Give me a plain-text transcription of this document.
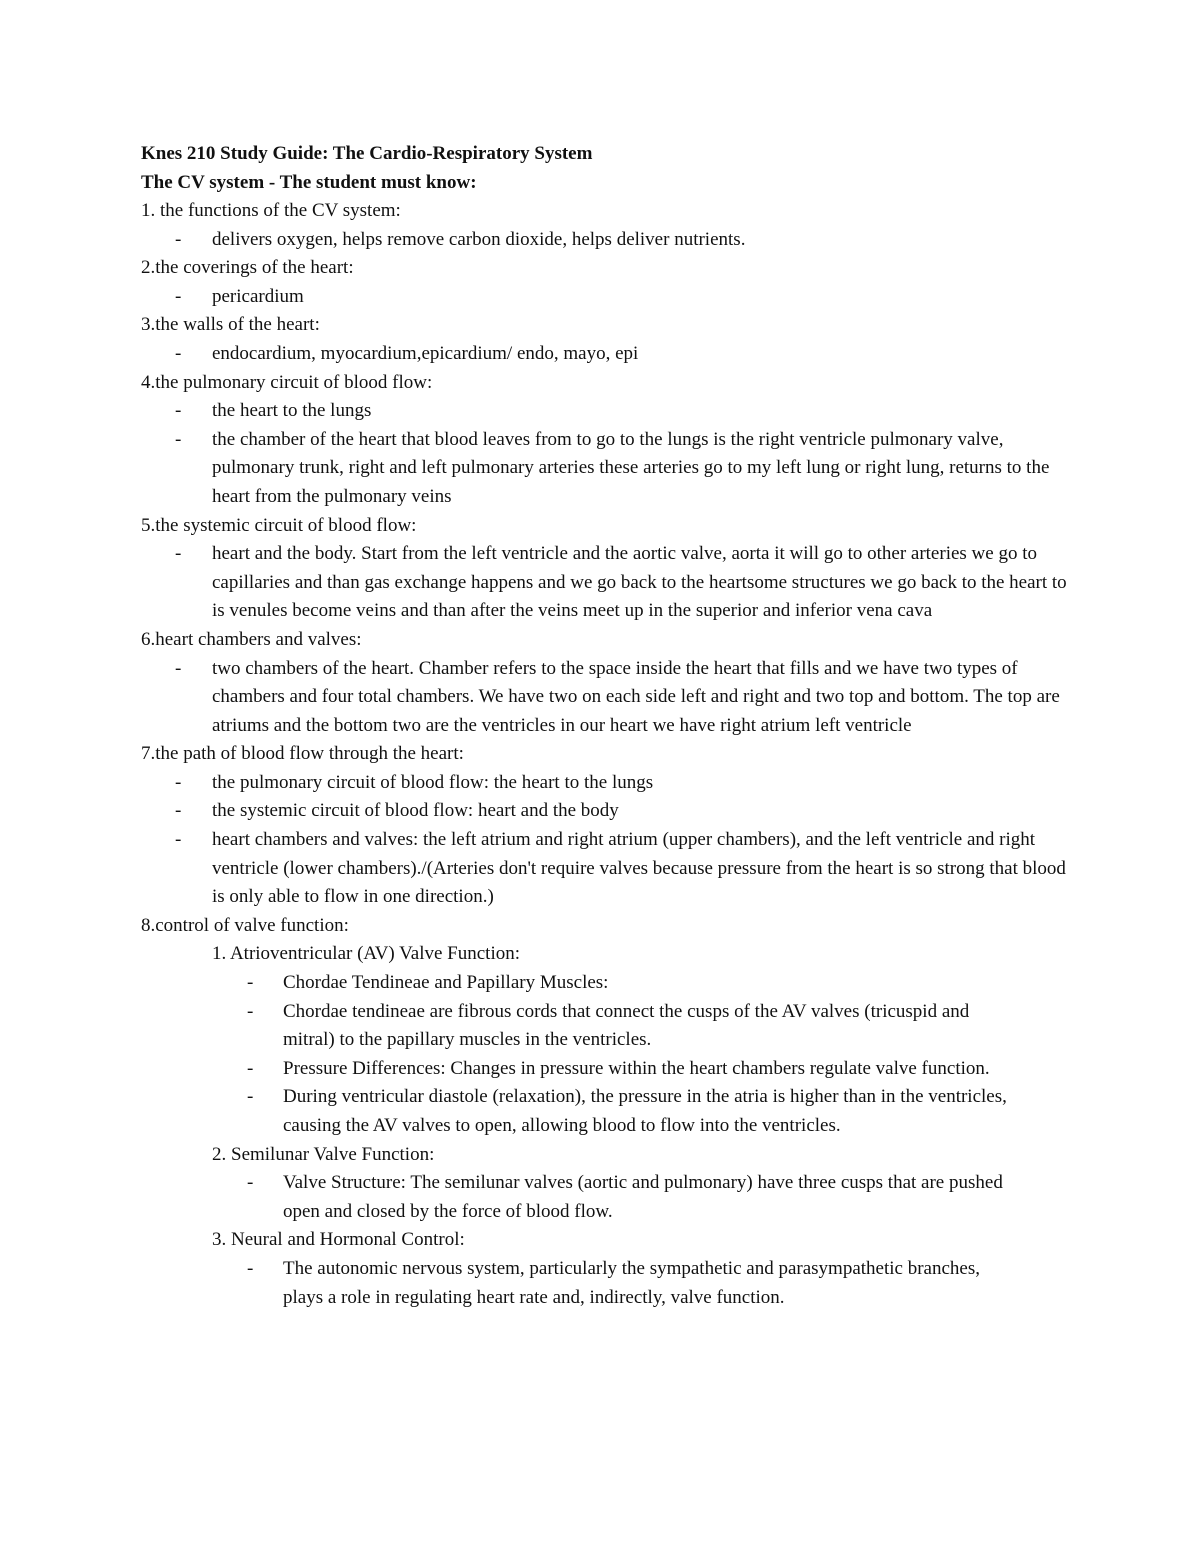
Knes 210 Study Guide: The Cardio-Respiratory System
The CV system - The student must know:
1. the functions of the CV system:
- delivers oxygen, helps remove carbon dioxide, helps deliver nutrients.
2.the coverings of the heart:
- pericardium
3.the walls of the heart:
- endocardium, myocardium,epicardium/ endo, mayo, epi
4.the pulmonary circuit of blood flow:
- the heart to the lungs
- the chamber of the heart that blood leaves from to go to the lungs is the right ventricle pulmonary valve, pulmonary trunk, right and left pulmonary arteries these arteries go to my left lung or right lung, returns to the heart from the pulmonary veins
5.the systemic circuit of blood flow:
- heart and the body. Start from the left ventricle and the aortic valve, aorta it will go to other arteries we go to capillaries and than gas exchange happens and we go back to the heartsome structures we go back to the heart to is venules become veins and than after the veins meet up in the superior and inferior vena cava
6.heart chambers and valves:
- two chambers of the heart. Chamber refers to the space inside the heart that fills and we have two types of chambers and four total chambers. We have two on each side left and right and two top and bottom. The top are atriums and the bottom two are the ventricles in our heart we have right atrium left ventricle
7.the path of blood flow through the heart:
- the pulmonary circuit of blood flow: the heart to the lungs
- the systemic circuit of blood flow: heart and the body
- heart chambers and valves: the left atrium and right atrium (upper chambers), and the left ventricle and right ventricle (lower chambers)./(Arteries don't require valves because pressure from the heart is so strong that blood is only able to flow in one direction.)
8.control of valve function:
1. Atrioventricular (AV) Valve Function:
- Chordae Tendineae and Papillary Muscles:
- Chordae tendineae are fibrous cords that connect the cusps of the AV valves (tricuspid and mitral) to the papillary muscles in the ventricles.
- Pressure Differences: Changes in pressure within the heart chambers regulate valve function.
- During ventricular diastole (relaxation), the pressure in the atria is higher than in the ventricles, causing the AV valves to open, allowing blood to flow into the ventricles.
2. Semilunar Valve Function:
- Valve Structure: The semilunar valves (aortic and pulmonary) have three cusps that are pushed open and closed by the force of blood flow.
3. Neural and Hormonal Control:
- The autonomic nervous system, particularly the sympathetic and parasympathetic branches, plays a role in regulating heart rate and, indirectly, valve function.
